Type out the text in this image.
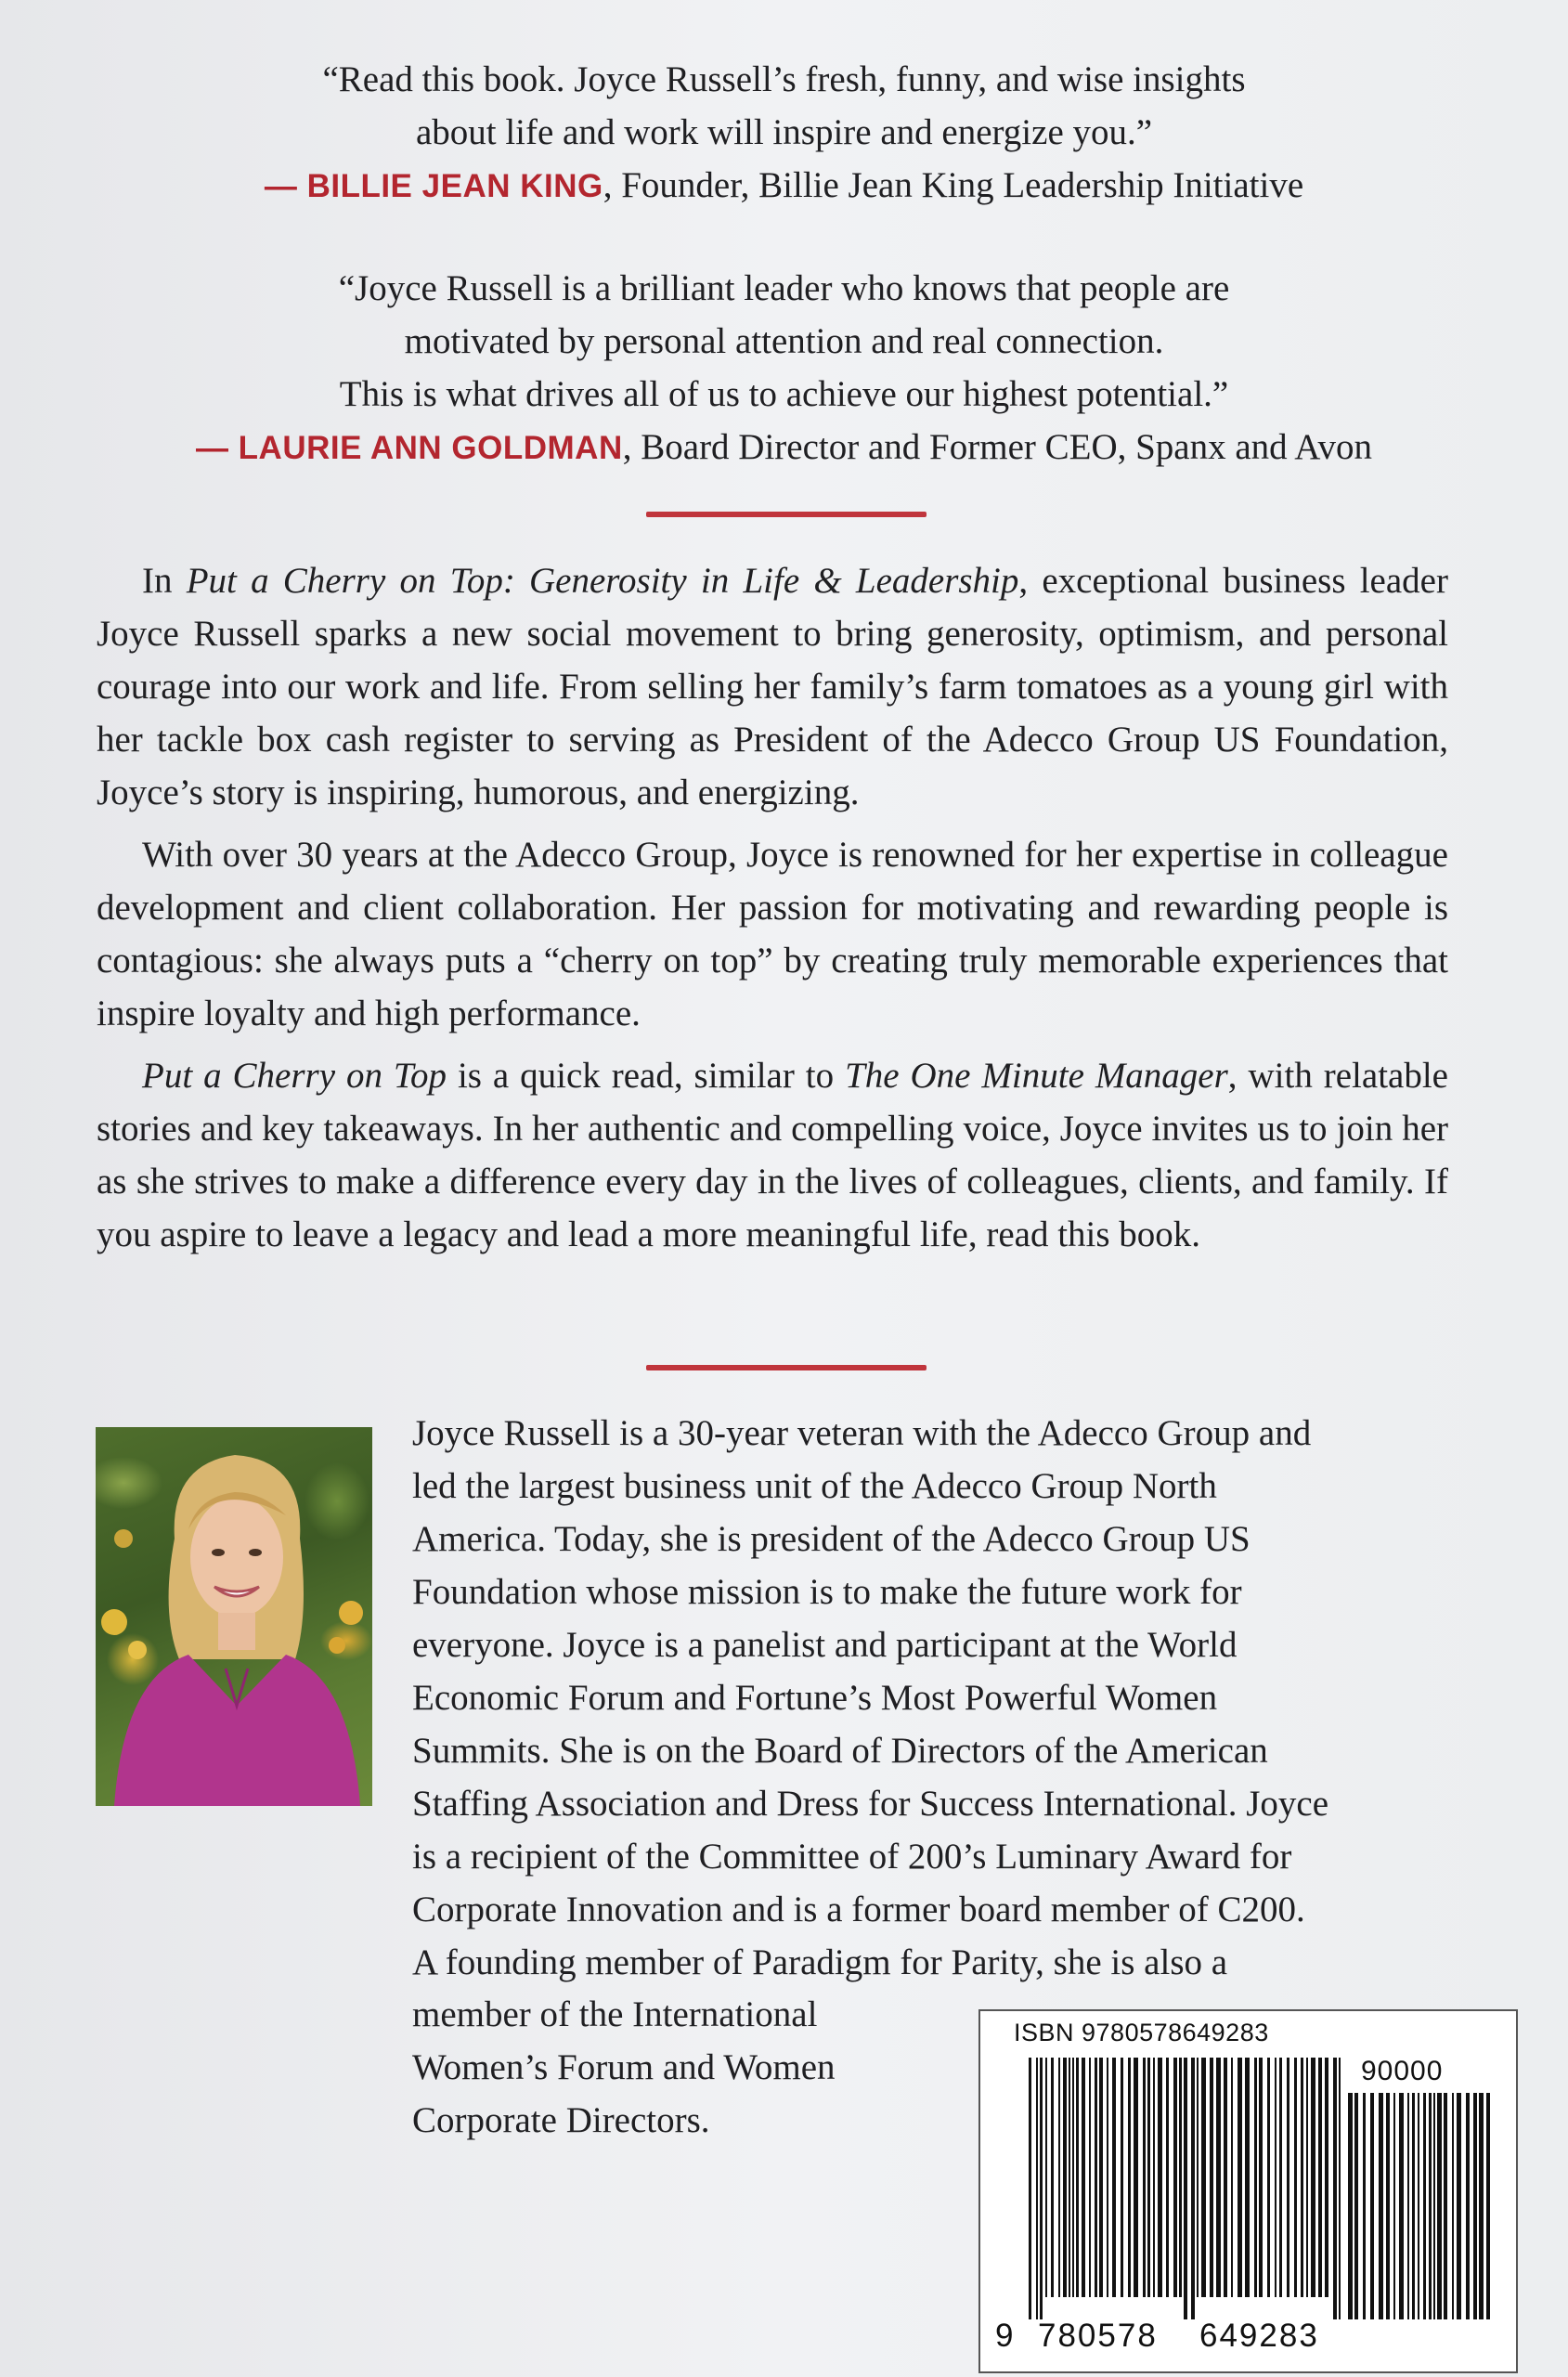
“Read this book. Joyce Russell’s fresh, funny, and wise insights
about life and work will inspire and energize you.”
— BILLIE JEAN KING, Founder, Billie Jean King Leadership Initiative
“Joyce Russell is a brilliant leader who knows that people are
motivated by personal attention and real connection.
This is what drives all of us to achieve our highest potential.”
— LAURIE ANN GOLDMAN, Board Director and Former CEO, Spanx and Avon

In Put a Cherry on Top: Generosity in Life & Leadership, exceptional business leader Joyce Russell sparks a new social movement to bring generosity, optimism, and personal courage into our work and life. From selling her family’s farm tomatoes as a young girl with her tackle box cash register to serving as President of the Adecco Group US Foundation, Joyce’s story is inspiring, humorous, and energizing.

With over 30 years at the Adecco Group, Joyce is renowned for her expertise in colleague development and client collaboration. Her passion for motivating and rewarding people is contagious: she always puts a “cherry on top” by creating truly memorable experiences that inspire loyalty and high performance.

Put a Cherry on Top is a quick read, similar to The One Minute Manager, with relatable stories and key takeaways. In her authentic and compelling voice, Joyce invites us to join her as she strives to make a difference every day in the lives of colleagues, clients, and family. If you aspire to leave a legacy and lead a more meaningful life, read this book.

Joyce Russell is a 30-year veteran with the Adecco Group and
led the largest business unit of the Adecco Group North
America. Today, she is president of the Adecco Group US
Foundation whose mission is to make the future work for
everyone. Joyce is a panelist and participant at the World
Economic Forum and Fortune’s Most Powerful Women
Summits. She is on the Board of Directors of the American
Staffing Association and Dress for Success International. Joyce
is a recipient of the Committee of 200’s Luminary Award for
Corporate Innovation and is a former board member of C200.
A founding member of Paradigm for Parity, she is also a
member of the International
Women’s Forum and Women
Corporate Directors.
ISBN 9780578649283
90000
9 780578 649283
